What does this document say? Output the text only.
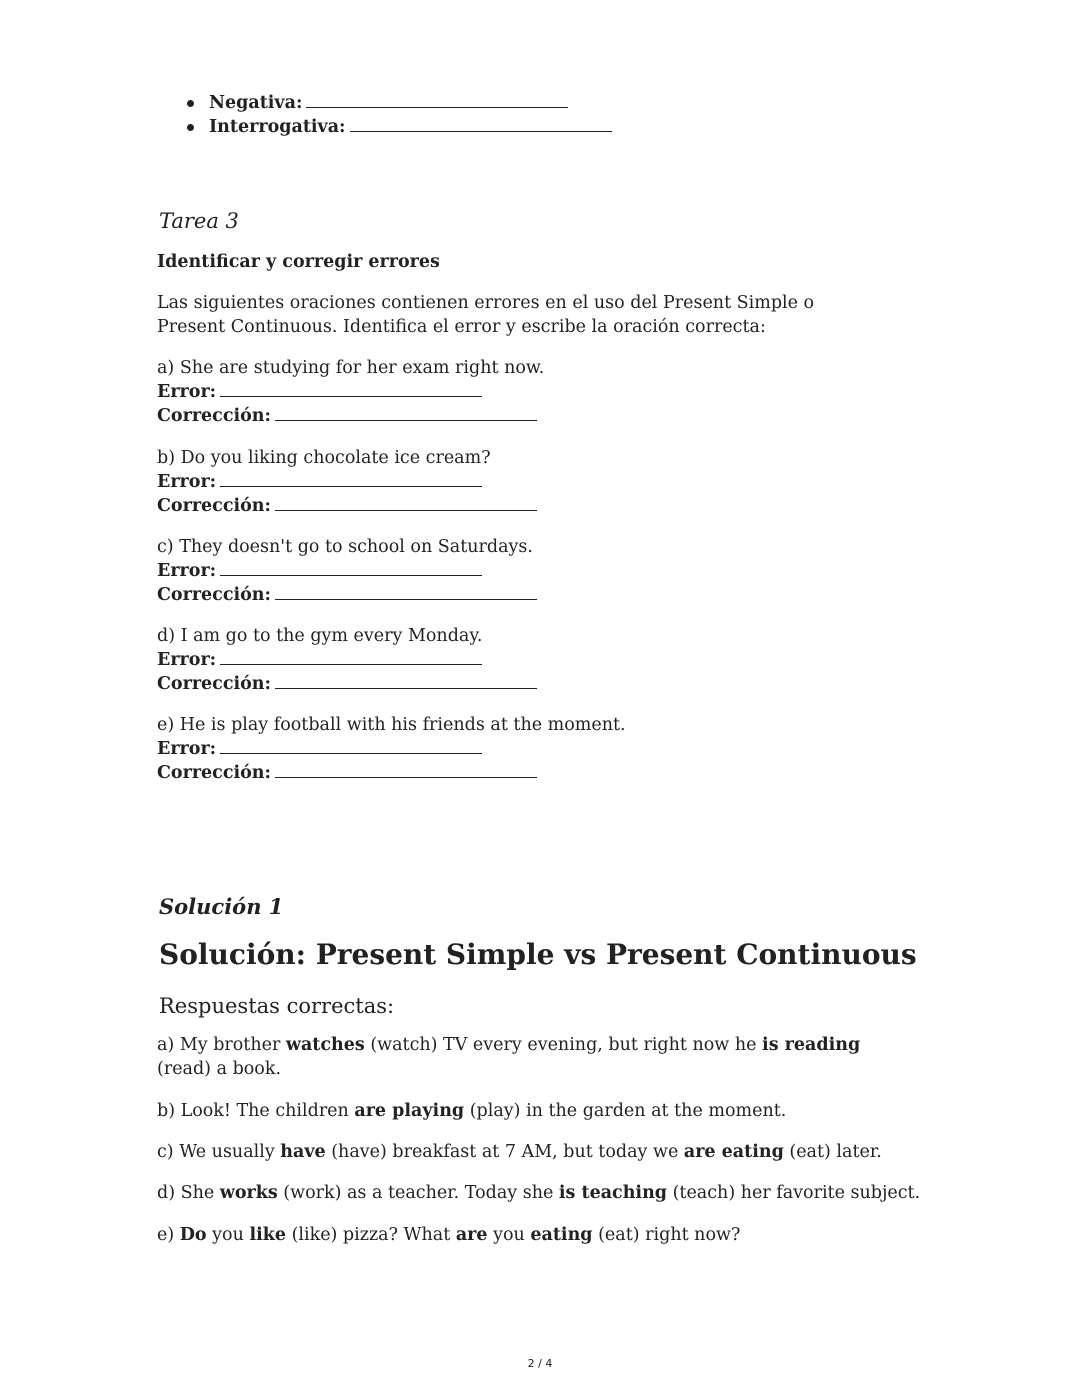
Negativa:
Interrogativa:
Tarea 3
Identificar y corregir errores
Las siguientes oraciones contienen errores en el uso del Present Simple o Present Continuous. Identifica el error y escribe la oración correcta:
a) She are studying for her exam right now.
Error:
Corrección:
b) Do you liking chocolate ice cream?
Error:
Corrección:
c) They doesn't go to school on Saturdays.
Error:
Corrección:
d) I am go to the gym every Monday.
Error:
Corrección:
e) He is play football with his friends at the moment.
Error:
Corrección:
Solución 1
Solución: Present Simple vs Present Continuous
Respuestas correctas:
a) My brother watches (watch) TV every evening, but right now he is reading (read) a book.
b) Look! The children are playing (play) in the garden at the moment.
c) We usually have (have) breakfast at 7 AM, but today we are eating (eat) later.
d) She works (work) as a teacher. Today she is teaching (teach) her favorite subject.
e) Do you like (like) pizza? What are you eating (eat) right now?
2 / 4
